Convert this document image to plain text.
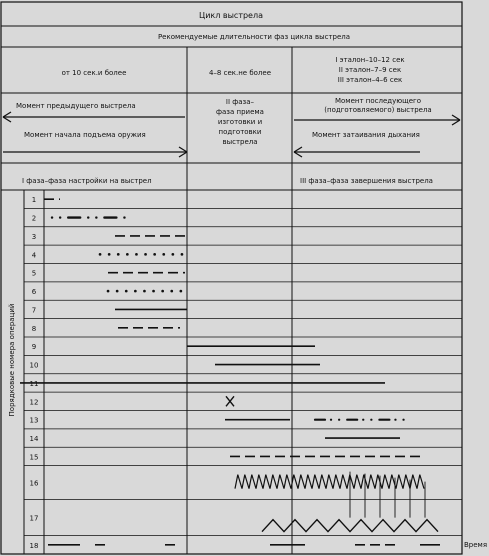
Цикл выстрела
Рекомендуемые длительности фаз цикла выстрела
от 10 сек.и более	4–8 сек.не более
I эталон–10–12 сек
II эталон–7–9 сек
III эталон–4–6 сек
Момент предыдущего выстрела
Момент начала подъема оружия
Момент последующего
(подготовляемого) выстрела
Момент затаивания дыхания
II фаза–
фаза приема
изготовки и
подготовки
выстрела
I фаза–фаза настройки на выстрел	III фаза–фаза завершения выстрела
Порядковые номера операций
Время
1
2
3
4
5
6
7
8
9
10
11
12
13
14
15
16
17
18
